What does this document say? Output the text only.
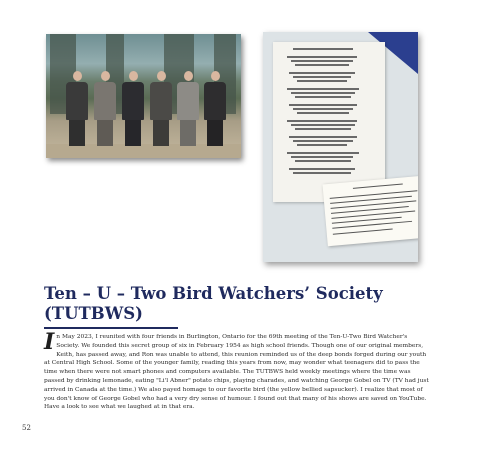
Ten – U – Two Bird Watchers’ Society
(TUTBWS)

In May 2023, I reunited with four friends in Burlington, Ontario for the 69th meeting of the Ten-U-Two Bird Watcher's Society. We founded this secret group of six in February 1954 as high school friends. Though one of our original members, Keith, has passed away, and Ron was unable to attend, this reunion reminded us of the deep bonds forged during our youth at Central High School. Some of the younger family, reading this years from now, may wonder what teenagers did to pass the time when there were not smart phones and computers available. The TUTBWS held weekly meetings where the time was passed by drinking lemonade, eating "Li'l Abner" potato chips, playing charades, and watching George Gobel on TV (TV had just arrived in Canada at the time.) We also payed homage to our favorite bird (the yellow bellied sapsucker). I realize that most of you don't know of George Gobel who had a very dry sense of humour. I found out that many of his shows are saved on YouTube. Have a look to see what we laughed at in that era.

52
